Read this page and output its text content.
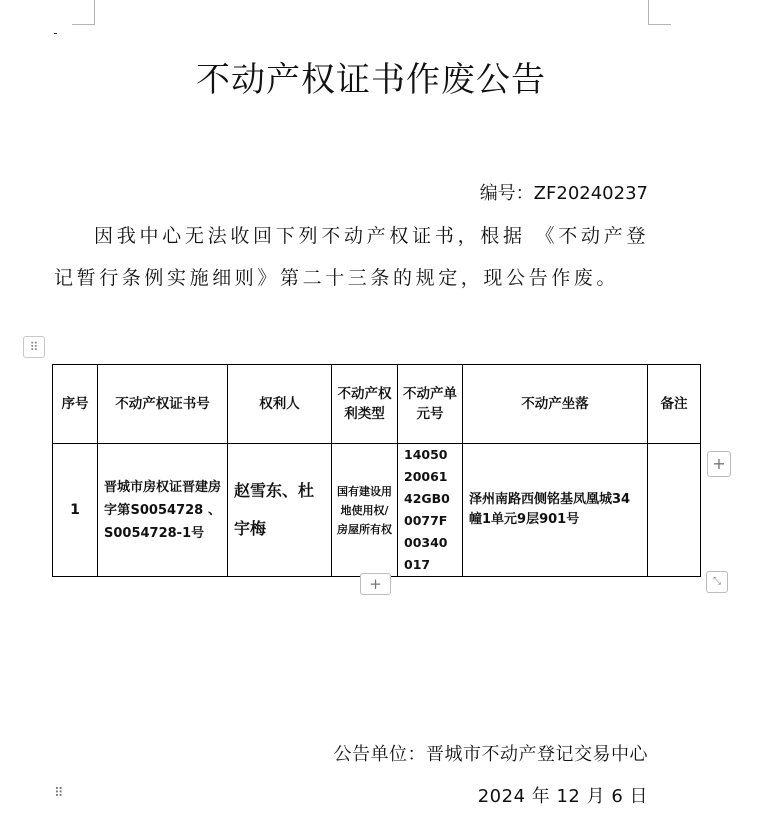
不动产权证书作废公告
编号：ZF20240237
因我中心无法收回下列不动产权证书，根据 《不动产登记暂行条例实施细则》第二十三条的规定，现公告作废。
⠿
序号	不动产权证书号	权利人	不动产权利类型	不动产单元号	不动产坐落	备注
1	晋城市房权证晋建房字第S0054728 、S0054728-1号	赵雪东、杜宇梅	国有建设用地使用权/房屋所有权	140502006142GB00077F00340017	泽州南路西侧铭基凤凰城34幢1单元9层901号	
+
+	⤡
公告单位：晋城市不动产登记交易中心
2024 年 12 月 6 日
⠿
